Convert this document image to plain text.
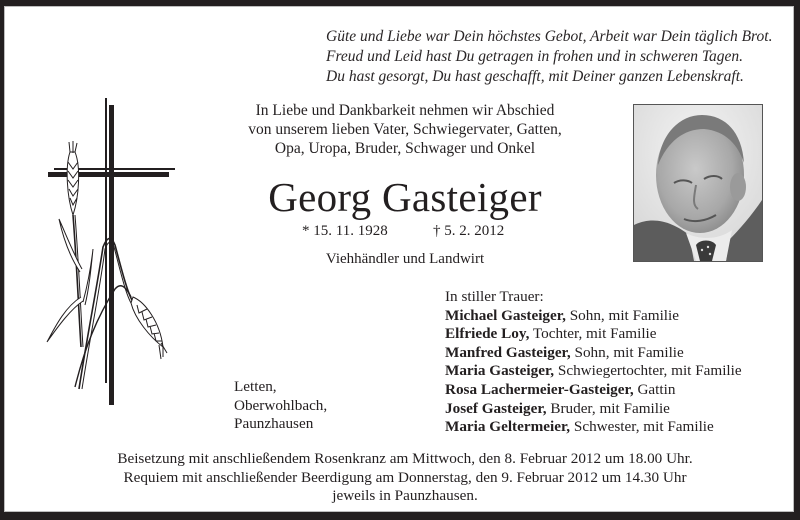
Güte und Liebe war Dein höchstes Gebot, Arbeit war Dein täglich Brot.
Freud und Leid hast Du getragen in frohen und in schweren Tagen.
Du hast gesorgt, Du hast geschafft, mit Deiner ganzen Lebenskraft.
In Liebe und Dankbarkeit nehmen wir Abschied
von unserem lieben Vater, Schwiegervater, Gatten,
Opa, Uropa, Bruder, Schwager und Onkel
Georg Gasteiger
* 15. 11. 1928	† 5. 2. 2012
Viehhändler und Landwirt
In stiller Trauer:
Michael Gasteiger, Sohn, mit Familie
Elfriede Loy, Tochter, mit Familie
Manfred Gasteiger, Sohn, mit Familie
Maria Gasteiger, Schwiegertochter, mit Familie
Rosa Lachermeier-Gasteiger, Gattin
Josef Gasteiger, Bruder, mit Familie
Maria Geltermeier, Schwester, mit Familie
Letten,
Oberwohlbach,
Paunzhausen
Beisetzung mit anschließendem Rosenkranz am Mittwoch, den 8. Februar 2012 um 18.00 Uhr.
Requiem mit anschließender Beerdigung am Donnerstag, den 9. Februar 2012 um 14.30 Uhr
jeweils in Paunzhausen.
